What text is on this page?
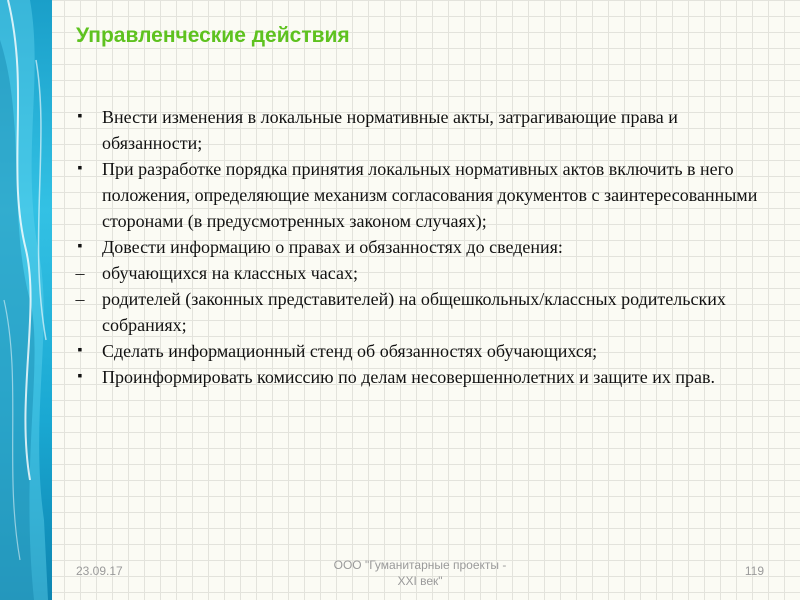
Управленческие действия
▪ Внести изменения в локальные нормативные акты, затрагивающие права и обязанности;
▪ При разработке порядка принятия локальных нормативных актов включить в него положения, определяющие механизм согласования документов с заинтересованными сторонами (в предусмотренных законом случаях);
▪ Довести информацию о правах и обязанностях до сведения:
– обучающихся на классных часах;
– родителей (законных представителей) на общешкольных/классных родительских собраниях;
▪ Сделать информационный стенд об обязанностях обучающихся;
▪ Проинформировать комиссию по делам несовершеннолетних и защите их прав.
23.09.17	ООО "Гуманитарные проекты -
XXI век"
119
